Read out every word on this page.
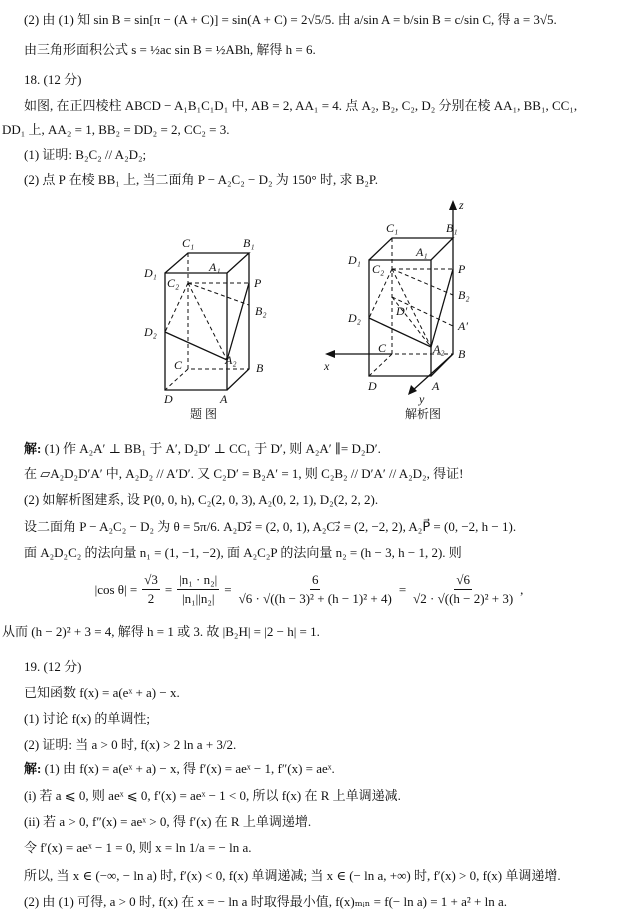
(2) 由 (1) 知 sin B = sin[π − (A + C)] = sin(A + C) = 2√5/5. 由 a/sin A = b/sin B = c/sin C, 得 a = 3√5.
由三角形面积公式 s = ½ac sin B = ½ABh, 解得 h = 6.
18. (12 分)
如图, 在正四棱柱 ABCD − A₁B₁C₁D₁ 中, AB = 2, AA₁ = 4. 点 A₂, B₂, C₂, D₂ 分别在棱 AA₁, BB₁, CC₁,
DD₁ 上, AA₂ = 1, BB₂ = DD₂ = 2, CC₂ = 3.
(1) 证明: B₂C₂ // A₂D₂;
(2) 点 P 在棱 BB₁ 上, 当二面角 P − A₂C₂ − D₂ 为 150° 时, 求 B₂P.
C₁	B₁
A₁
D₁
C₂	P
B₂
D₂
A₂
C	B
D	A
题 图
z
x
y
C₁	B₁
A₁
D₁
C₂	P
B₂
D₂	D′
A′
A₂
C	B
D	A
解析图
解: (1) 作 A₂A′ ⊥ BB₁ 于 A′, D₂D′ ⊥ CC₁ 于 D′, 则 A₂A′ ∥= D₂D′.
在 ▱A₂D₂D′A′ 中, A₂D₂ // A′D′. 又 C₂D′ = B₂A′ = 1, 则 C₂B₂ // D′A′ // A₂D₂, 得证!
(2) 如解析图建系, 设 P(0, 0, h), C₂(2, 0, 3), A₂(0, 2, 1), D₂(2, 2, 2).
设二面角 P − A₂C₂ − D₂ 为 θ = 5π/6. A₂D₂⃗ = (2, 0, 1), A₂C₂⃗ = (2, −2, 2), A₂P⃗ = (0, −2, h − 1).
面 A₂D₂C₂ 的法向量 n₁ = (1, −1, −2), 面 A₂C₂P 的法向量 n₂ = (h − 3, h − 1, 2). 则
|cos $\theta| = \frac{√3}{2} = \frac{\text{|n₁ · n₂|}}{\text{|n₁||n₂|}} = \frac{6}{\text{√6 · √((h − 3)² + (h − 1)² + 4)}} = \frac{√6}{\text{√2 · √((h − 2)² + 3)}}$ ,
从而 (h − 2)² + 3 = 4, 解得 h = 1 或 3. 故 |B₂H| = |2 − h| = 1.
19. (12 分)
已知函数 f(x) = a(eˣ + a) − x.
(1) 讨论 f(x) 的单调性;
(2) 证明: 当 a > 0 时, f(x) > 2 ln a + 3/2.
解: (1) 由 f(x) = a(eˣ + a) − x, 得 f′(x) = aeˣ − 1, f″(x) = aeˣ.
(i) 若 a ⩽ 0, 则 aeˣ ⩽ 0, f′(x) = aeˣ − 1 < 0, 所以 f(x) 在 R 上单调递减.
(ii) 若 a > 0, f″(x) = aeˣ > 0, 得 f′(x) 在 R 上单调递增.
令 f′(x) = aeˣ − 1 = 0, 则 x = ln 1/a = − ln a.
所以, 当 x ∈ (−∞, − ln a) 时, f′(x) < 0, f(x) 单调递减; 当 x ∈ (− ln a, +∞) 时, f′(x) > 0, f(x) 单调递增.
(2) 由 (1) 可得, a > 0 时, f(x) 在 x = − ln a 时取得最小值, f(x)ₘᵢₙ = f(− ln a) = 1 + a² + ln a.
